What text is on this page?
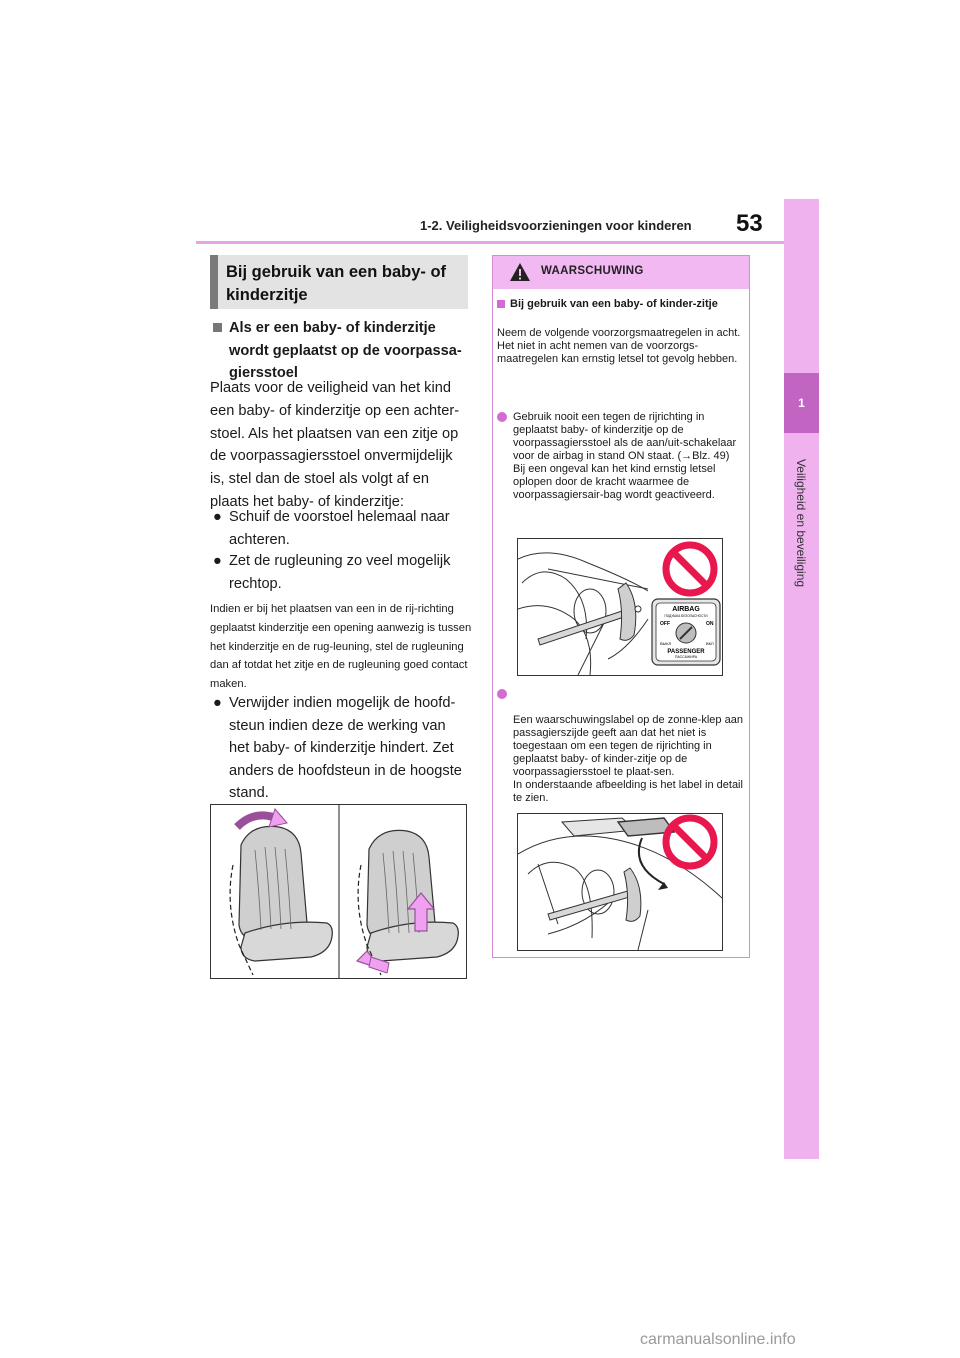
1-2. Veiligheidsvoorzieningen voor kinderen 53
1
Veiligheid en beveiliging
Bij gebruik van een baby- of kinderzitje
Als er een baby- of kinderzitje wordt geplaatst op de voorpassa-giersstoel
Plaats voor de veiligheid van het kind een baby- of kinderzitje op een achter-stoel. Als het plaatsen van een zitje op de voorpassagiersstoel onvermijdelijk is, stel dan de stoel als volgt af en plaats het baby- of kinderzitje:
● Schuif de voorstoel helemaal naar achteren.
● Zet de rugleuning zo veel mogelijk rechtop.
Indien er bij het plaatsen van een in de rij-richting geplaatst kinderzitje een opening aanwezig is tussen het kinderzitje en de rug-leuning, stel de rugleuning dan af totdat het zitje en de rugleuning goed contact maken.
● Verwijder indien mogelijk de hoofd-steun indien deze de werking van het baby- of kinderzitje hindert. Zet anders de hoofdsteun in de hoogste stand.
WAARSCHUWING
Bij gebruik van een baby- of kinder-zitje
Neem de volgende voorzorgsmaatregelen in acht.
Het niet in acht nemen van de voorzorgs-maatregelen kan ernstig letsel tot gevolg hebben.
Gebruik nooit een tegen de rijrichting in geplaatst baby- of kinderzitje op de voorpassagiersstoel als de aan/uit-schakelaar voor de airbag in stand ON staat. (→Blz. 49) Bij een ongeval kan het kind ernstig letsel oplopen door de kracht waarmee de voorpassagiersair-bag wordt geactiveerd.
AIRBAG
ПОДУШКА БЕЗОПАСНОСТИ
OFF	ON
ВЫКЛ	ВКЛ
PASSENGER
ПАССАЖИРА

Een waarschuwingslabel op de zonne-klep aan passagierszijde geeft aan dat het niet is toegestaan om een tegen de rijrichting in geplaatst baby- of kinder-zitje op de voorpassagiersstoel te plaat-sen.
In onderstaande afbeelding is het label in detail te zien.

carmanualsonline.info
